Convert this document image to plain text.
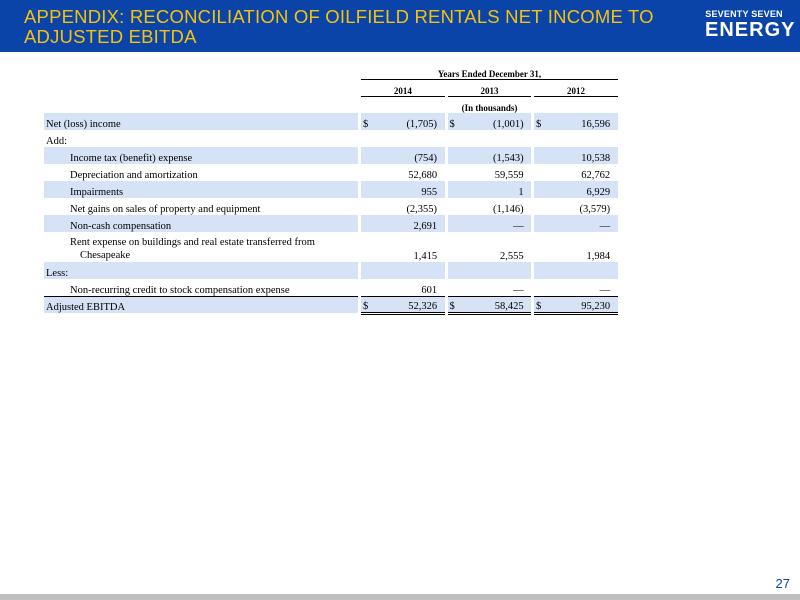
APPENDIX: RECONCILIATION OF OILFIELD RENTALS NET INCOME TO ADJUSTED EBITDA
SEVENTY SEVEN
ENERGY
		Years Ended December 31,										
		2014				2013				2012		
		(In thousands)										
Net (loss) income		$	(1,705)			$	(1,001)			$	16,596	
Add:												
Income tax (benefit) expense			(754)				(1,543)				10,538	
Depreciation and amortization			52,680				59,559				62,762	
Impairments			955				1				6,929	
Net gains on sales of property and equipment			(2,355)				(1,146)				(3,579)	
Non-cash compensation			2,691				—				—	
Rent expense on buildings and real estate transferred from
Chesapeake			1,415				2,555				1,984	
Less:												
Non-recurring credit to stock compensation expense			601				—				—	
Adjusted EBITDA		$	52,326			$	58,425			$	95,230	
27
